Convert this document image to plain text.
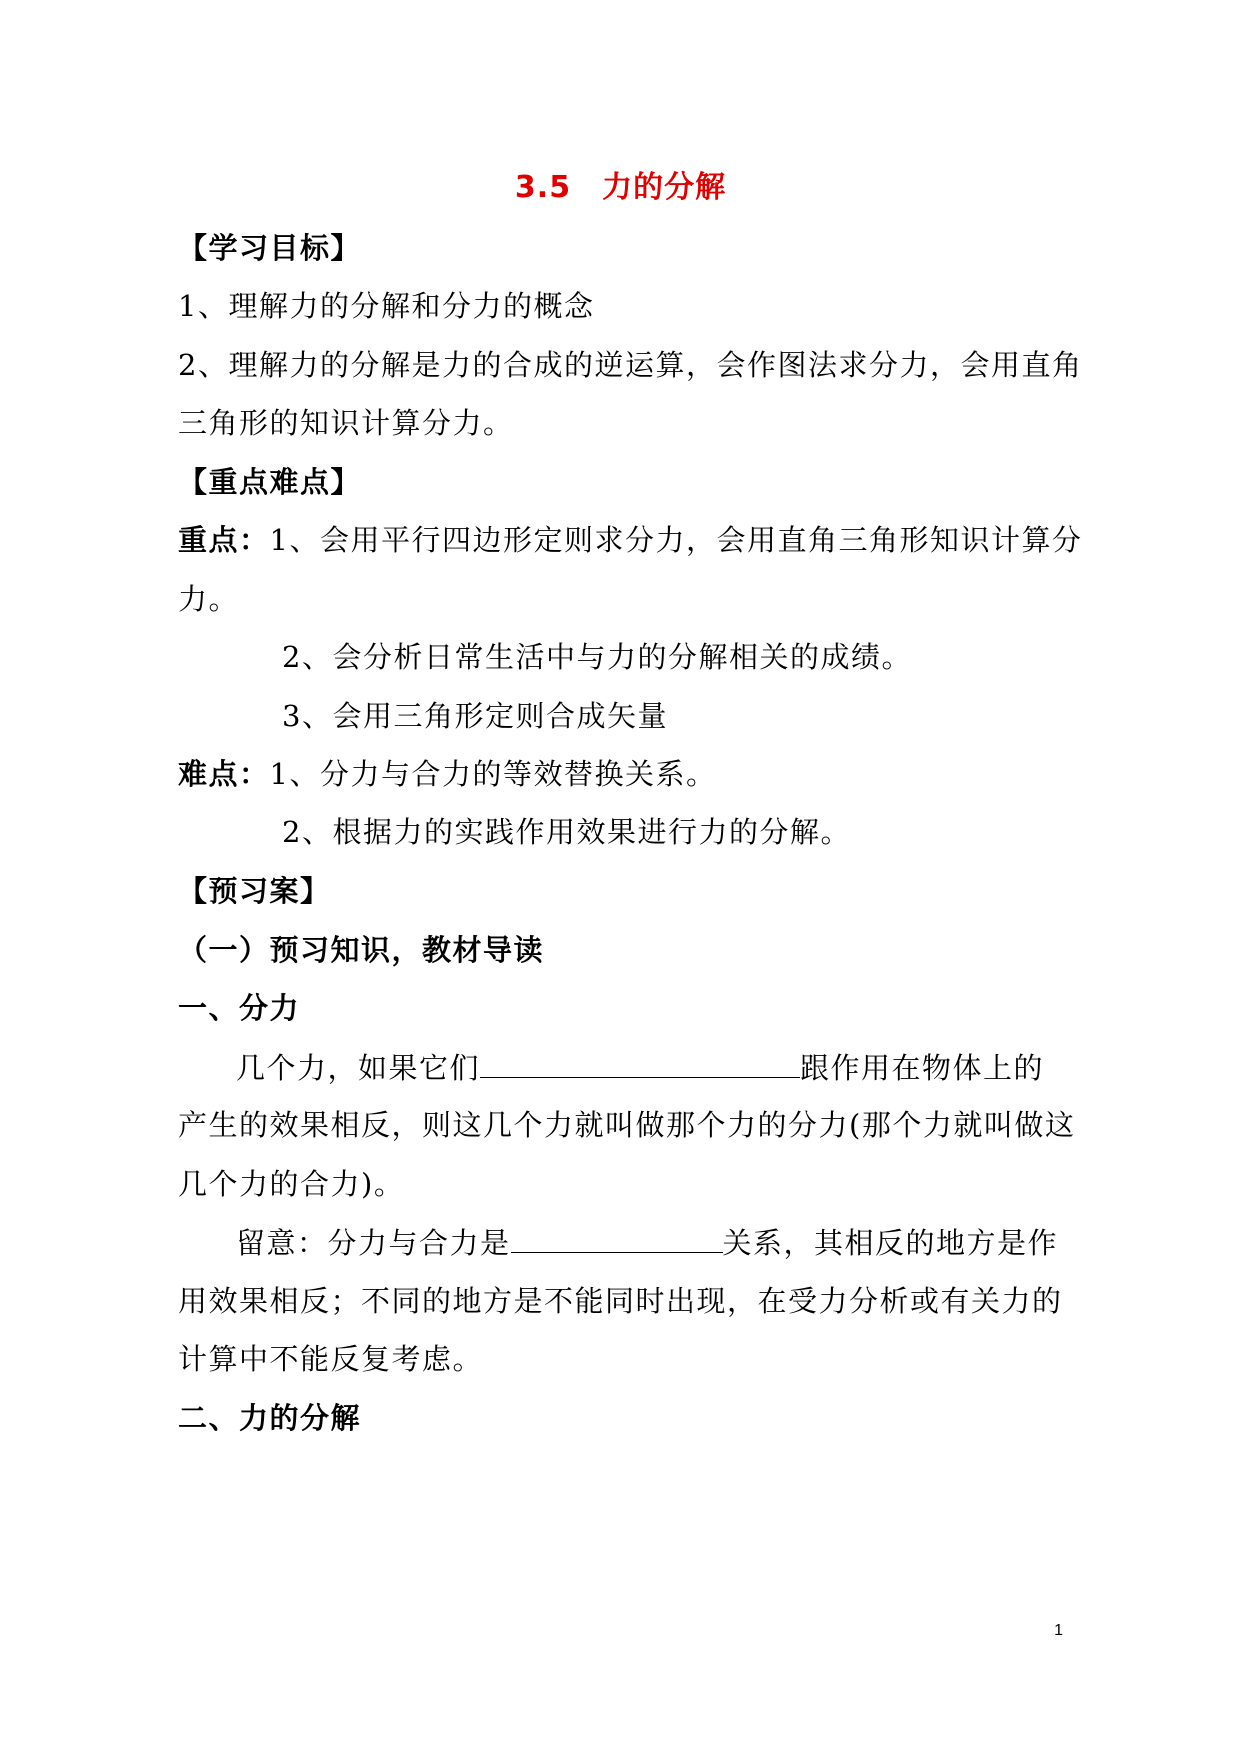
3.5　力的分解
【学习目标】
1、理解力的分解和分力的概念
2、理解力的分解是力的合成的逆运算，会作图法求分力，会用直角
三角形的知识计算分力。
【重点难点】
重点：1、会用平行四边形定则求分力，会用直角三角形知识计算分
力。
2、会分析日常生活中与力的分解相关的成绩。
3、会用三角形定则合成矢量
难点：1、分力与合力的等效替换关系。
2、根据力的实践作用效果进行力的分解。
【预习案】
（一）预习知识，教材导读
一、分力
几个力，如果它们	跟作用在物体上的
产生的效果相反，则这几个力就叫做那个力的分力(那个力就叫做这
几个力的合力)。
留意：分力与合力是	关系，其相反的地方是作
用效果相反；不同的地方是不能同时出现，在受力分析或有关力的
计算中不能反复考虑。
二、力的分解
1
